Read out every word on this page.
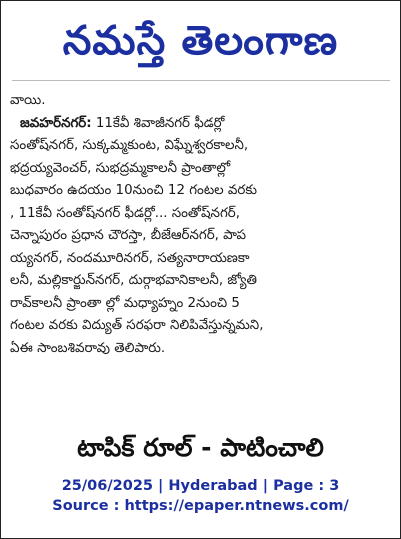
నమస్తే తెలంగాణ
వాయి.
జవహర్‌నగర్: 11కేవీ శివాజీనగర్ ఫీడర్లో
సంతోష్‌నగర్, సుక్కమ్మకుంట, విఘ్నేశ్వరకాలనీ,
భద్రయ్యవెంచర్, సుభద్రమ్మకాలనీ ప్రాంతాల్లో
బుధవారం ఉదయం 10నుంచి 12 గంటల వరకు
, 11కేవీ సంతోష్‌నగర్ ఫీడర్లో... సంతోష్‌నగర్,
చెన్నాపురం ప్రధాన చౌరస్తా, బీజేఆర్‌నగర్, పాప
య్యనగర్, నందమూరినగర్, సత్యనారాయణకా
లనీ, మల్లికార్జున్‌నగర్, దుర్గాభవానికాలనీ, జ్యోతి
రావ్‌కాలనీ ప్రాంతా ల్లో మధ్యాహ్నం 2నుంచి 5
గంటల వరకు విద్యుత్ సరఫరా నిలిపివేస్తున్నమని,
ఏఈ సాంబశివరావు తెలిపారు.
టాపిక్ రూల్ - పాటించాలి
25/06/2025 | Hyderabad | Page : 3
Source : https://epaper.ntnews.com/
